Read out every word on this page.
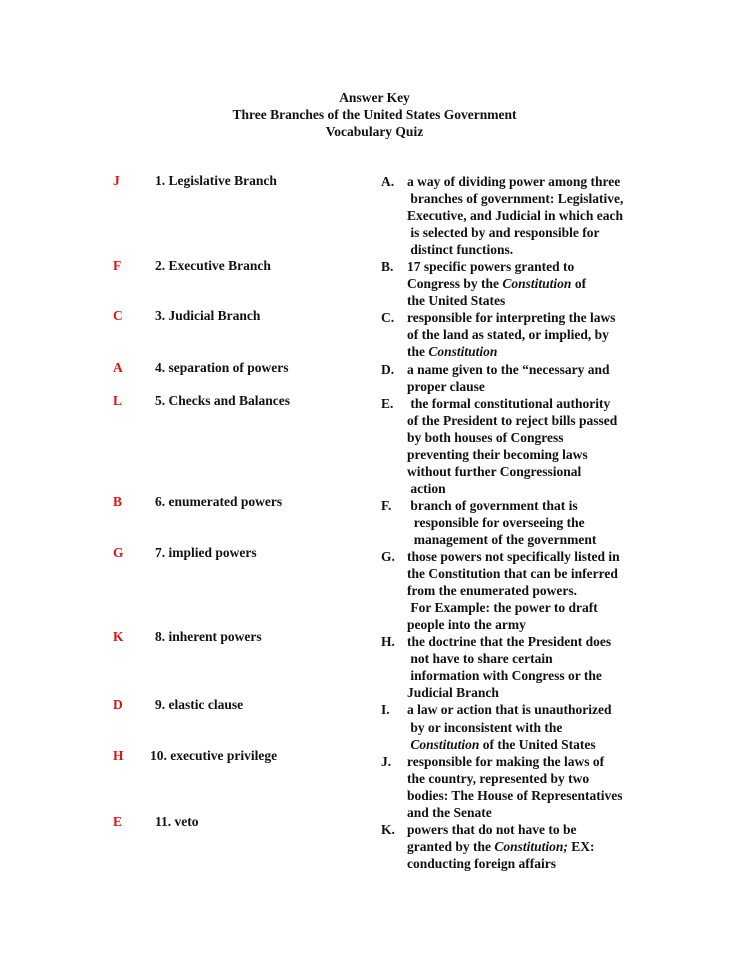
Answer Key
Three Branches of the United States Government
Vocabulary Quiz
J	1. Legislative Branch
F	2. Executive Branch
C 3. Judicial Branch
A 4. separation of powers
L 5. Checks and Balances
B 6. enumerated powers
G 7. implied powers
K 8. inherent powers
D 9. elastic clause
H 10. executive privilege
E 11. veto
A. a way of dividing power among three
branches of government: Legislative,
Executive, and Judicial in which each
is selected by and responsible for
distinct functions.
B.	17 specific powers granted to
Congress by the Constitution of
the United States
C. responsible for interpreting the laws
of the land as stated, or implied, by
the Constitution
D. a name given to the “necessary and
proper clause
E.	the formal constitutional authority
of the President to reject bills passed
by both houses of Congress
preventing their becoming laws
without further Congressional
action
F.	branch of government that is
responsible for overseeing the
management of the government
G. those powers not specifically listed in
the Constitution that can be inferred
from the enumerated powers.
For Example: the power to draft
people into the army
H. the doctrine that the President does
not have to share certain
information with Congress or the
Judicial Branch
I.	a law or action that is unauthorized
by or inconsistent with the
Constitution of the United States
J.	responsible for making the laws of
the country, represented by two
bodies: The House of Representatives
and the Senate
K. powers that do not have to be
granted by the Constitution; EX:
conducting foreign affairs
